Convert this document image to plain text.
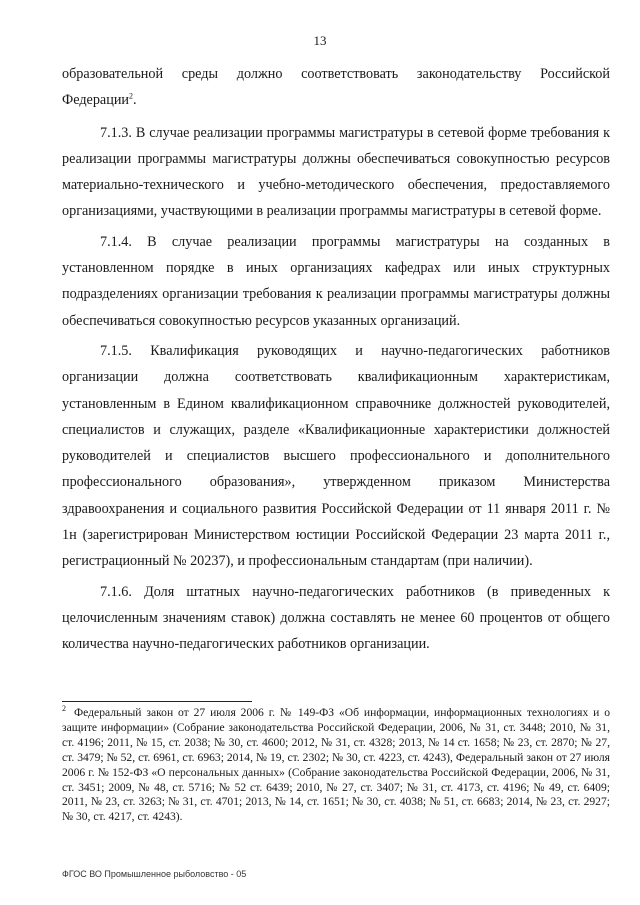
13

образовательной среды должно соответствовать законодательству Российской Федерации$^2$.

7.1.3. В случае реализации программы магистратуры в сетевой форме требования к реализации программы магистратуры должны обеспечиваться совокупностью ресурсов материально-технического и учебно-методического обеспечения, предоставляемого организациями, участвующими в реализации программы магистратуры в сетевой форме.

7.1.4. В случае реализации программы магистратуры на созданных в установленном порядке в иных организациях кафедрах или иных структурных подразделениях организации требования к реализации программы магистратуры должны обеспечиваться совокупностью ресурсов указанных организаций.

7.1.5. Квалификация руководящих и научно-педагогических работников организации должна соответствовать квалификационным характеристикам, установленным в Едином квалификационном справочнике должностей руководителей, специалистов и служащих, разделе «Квалификационные характеристики должностей руководителей и специалистов высшего профессионального и дополнительного профессионального образования», утвержденном приказом Министерства здравоохранения и социального развития Российской Федерации от 11 января 2011 г. № 1н (зарегистрирован Министерством юстиции Российской Федерации 23 марта 2011 г., регистрационный № 20237), и профессиональным стандартам (при наличии).

7.1.6. Доля штатных научно-педагогических работников (в приведенных к целочисленным значениям ставок) должна составлять не менее 60 процентов от общего количества научно-педагогических работников организации.

$^2$ Федеральный закон от 27 июля 2006 г. № 149-ФЗ «Об информации, информационных технологиях и о защите информации» (Собрание законодательства Российской Федерации, 2006, № 31, ст. 3448; 2010, № 31, ст. 4196; 2011, № 15, ст. 2038; № 30, ст. 4600; 2012, № 31, ст. 4328; 2013, № 14 ст. 1658; № 23, ст. 2870; № 27, ст. 3479; № 52, ст. 6961, ст. 6963; 2014, № 19, ст. 2302; № 30, ст. 4223, ст. 4243), Федеральный закон от 27 июля 2006 г. № 152-ФЗ «О персональных данных» (Собрание законодательства Российской Федерации, 2006, № 31, ст. 3451; 2009, № 48, ст. 5716; № 52 ст. 6439; 2010, № 27, ст. 3407; № 31, ст. 4173, ст. 4196; № 49, ст. 6409; 2011, № 23, ст. 3263; № 31, ст. 4701; 2013, № 14, ст. 1651; № 30, ст. 4038; № 51, ст. 6683; 2014, № 23, ст. 2927; № 30, ст. 4217, ст. 4243).
ФГОС ВО Промышленное рыболовство - 05
